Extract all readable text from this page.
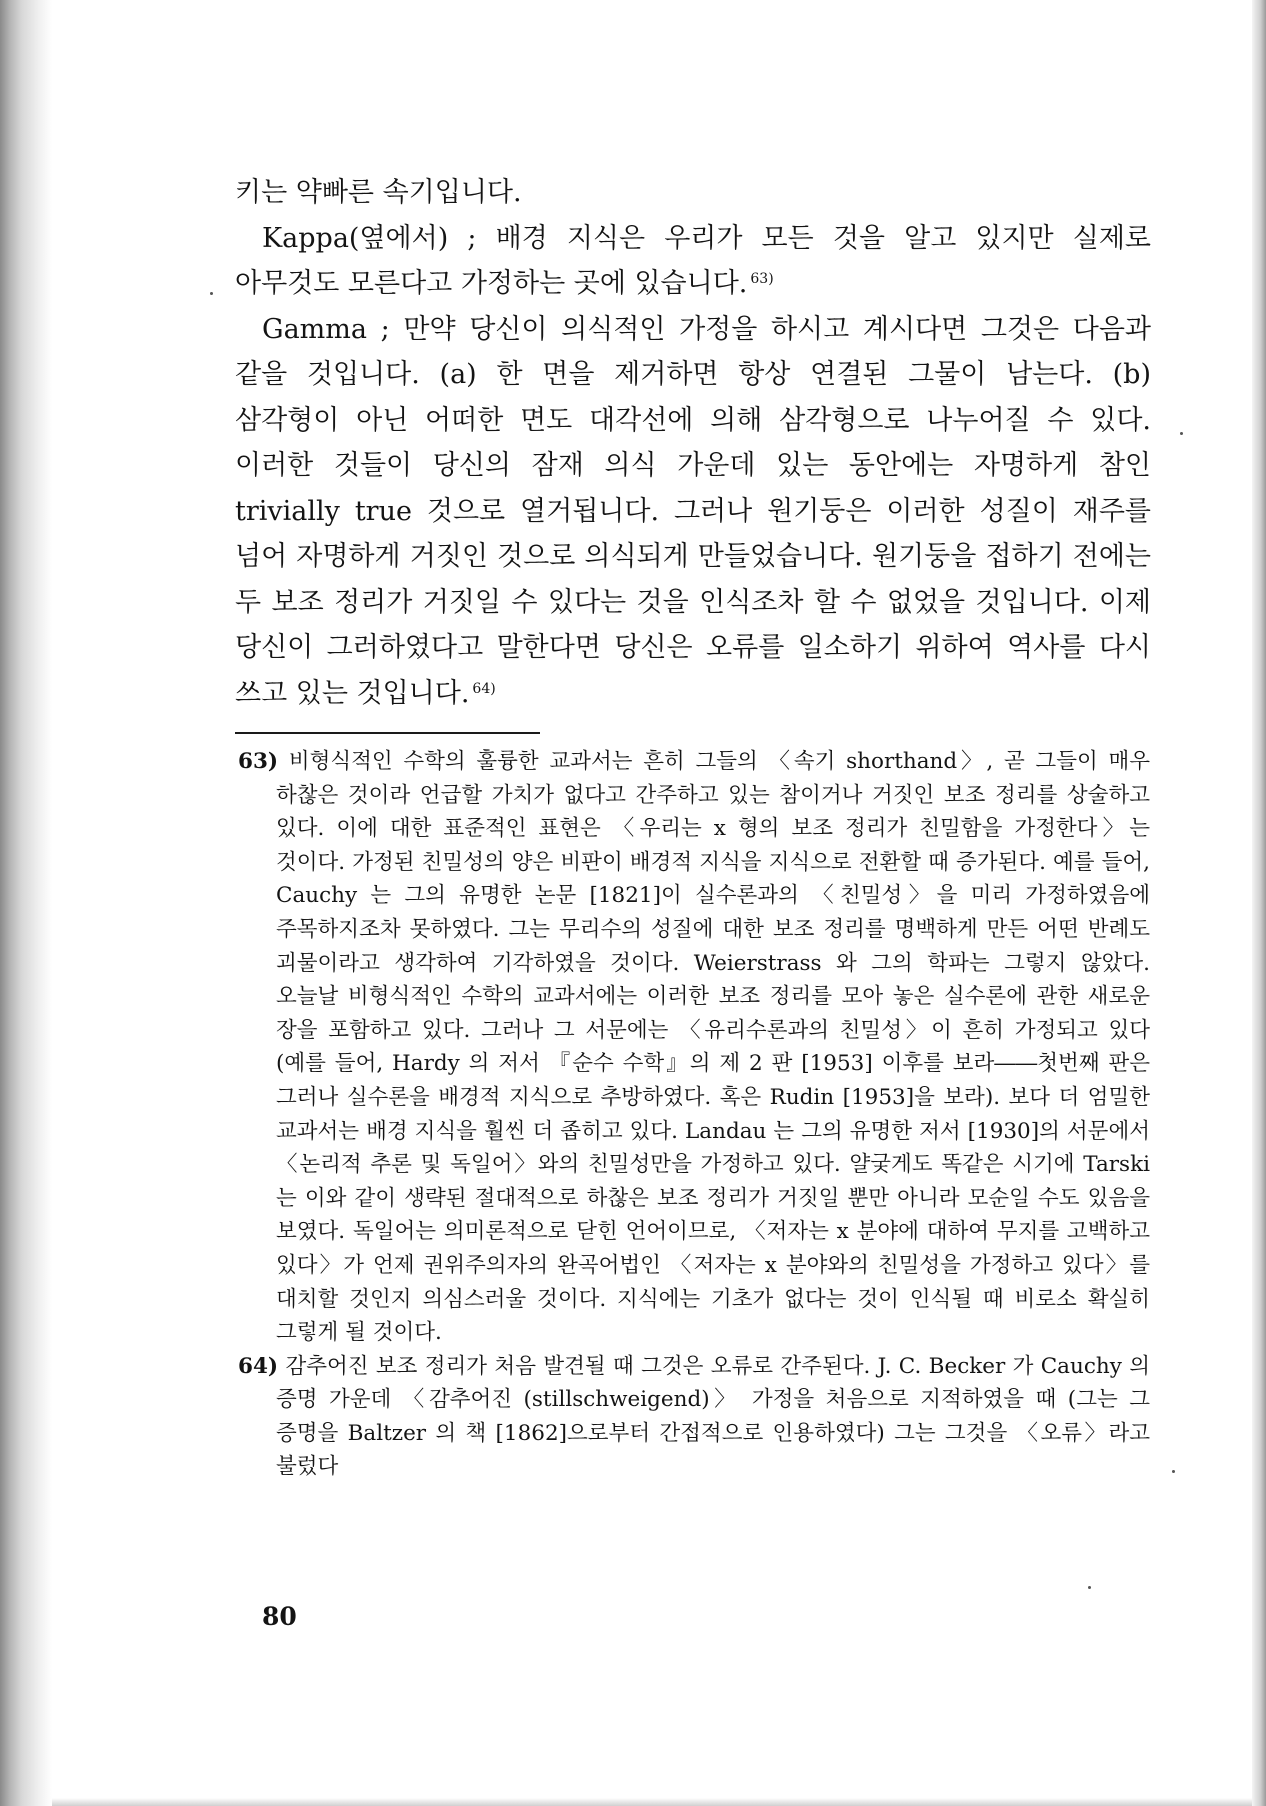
키는 약빠른 속기입니다.

Kappa(옆에서) ; 배경 지식은 우리가 모든 것을 알고 있지만 실제로 아무것도 모른다고 가정하는 곳에 있습니다. $^{63)}$

Gamma ; 만약 당신이 의식적인 가정을 하시고 계시다면 그것은 다음과 같을 것입니다. (a) 한 면을 제거하면 항상 연결된 그물이 남는다. (b) 삼각형이 아닌 어떠한 면도 대각선에 의해 삼각형으로 나누어질 수 있다. 이러한 것들이 당신의 잠재 의식 가운데 있는 동안에는 자명하게 참인 trivially true 것으로 열거됩니다. 그러나 원기둥은 이러한 성질이 재주를 넘어 자명하게 거짓인 것으로 의식되게 만들었습니다. 원기둥을 접하기 전에는 두 보조 정리가 거짓일 수 있다는 것을 인식조차 할 수 없었을 것입니다. 이제 당신이 그러하였다고 말한다면 당신은 오류를 일소하기 위하여 역사를 다시 쓰고 있는 것입니다. $^{64)}$

63) 비형식적인 수학의 훌륭한 교과서는 흔히 그들의 〈속기 shorthand〉, 곧 그들이 매우 하찮은 것이라 언급할 가치가 없다고 간주하고 있는 참이거나 거짓인 보조 정리를 상술하고 있다. 이에 대한 표준적인 표현은 〈우리는 x 형의 보조 정리가 친밀함을 가정한다〉는 것이다. 가정된 친밀성의 양은 비판이 배경적 지식을 지식으로 전환할 때 증가된다. 예를 들어, Cauchy 는 그의 유명한 논문 [1821]이 실수론과의 〈친밀성〉을 미리 가정하였음에 주목하지조차 못하였다. 그는 무리수의 성질에 대한 보조 정리를 명백하게 만든 어떤 반례도 괴물이라고 생각하여 기각하였을 것이다. Weierstrass 와 그의 학파는 그렇지 않았다. 오늘날 비형식적인 수학의 교과서에는 이러한 보조 정리를 모아 놓은 실수론에 관한 새로운 장을 포함하고 있다. 그러나 그 서문에는 〈유리수론과의 친밀성〉이 흔히 가정되고 있다(예를 들어, Hardy 의 저서 『순수 수학』의 제 2 판 [1953] 이후를 보라――첫번째 판은 그러나 실수론을 배경적 지식으로 추방하였다. 혹은 Rudin [1953]을 보라). 보다 더 엄밀한 교과서는 배경 지식을 훨씬 더 좁히고 있다. Landau 는 그의 유명한 저서 [1930]의 서문에서 〈논리적 추론 및 독일어〉와의 친밀성만을 가정하고 있다. 얄궂게도 똑같은 시기에 Tarski 는 이와 같이 생략된 절대적으로 하찮은 보조 정리가 거짓일 뿐만 아니라 모순일 수도 있음을 보였다. 독일어는 의미론적으로 닫힌 언어이므로, 〈저자는 x 분야에 대하여 무지를 고백하고 있다〉가 언제 권위주의자의 완곡어법인 〈저자는 x 분야와의 친밀성을 가정하고 있다〉를 대치할 것인지 의심스러울 것이다. 지식에는 기초가 없다는 것이 인식될 때 비로소 확실히 그렇게 될 것이다.

64) 감추어진 보조 정리가 처음 발견될 때 그것은 오류로 간주된다. J. C. Becker 가 Cauchy 의 증명 가운데 〈감추어진 (stillschweigend)〉 가정을 처음으로 지적하였을 때 (그는 그 증명을 Baltzer 의 책 [1862]으로부터 간접적으로 인용하였다) 그는 그것을 〈오류〉라고 불렀다

80
